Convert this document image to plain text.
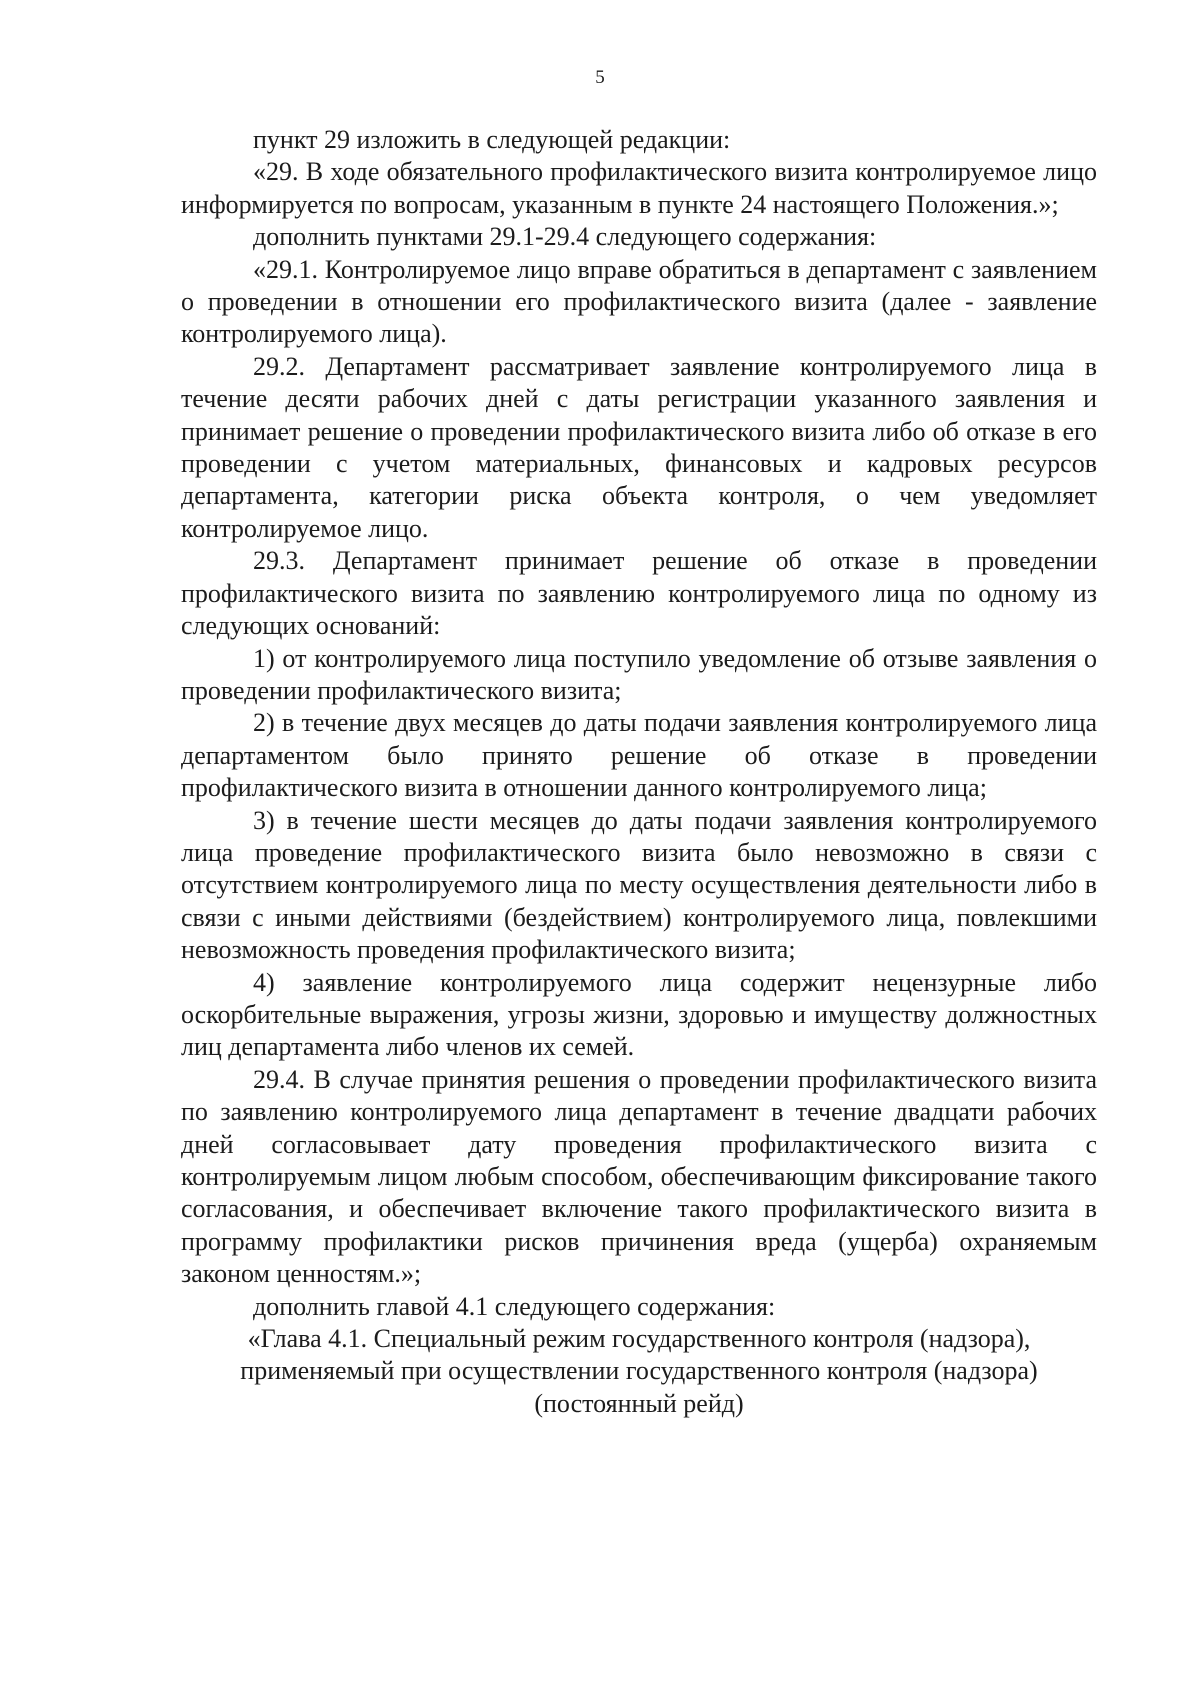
5

пункт 29 изложить в следующей редакции:

«29. В ходе обязательного профилактического визита контролируемое лицо информируется по вопросам, указанным в пункте 24 настоящего Положения.»;

дополнить пунктами 29.1-29.4 следующего содержания:

«29.1. Контролируемое лицо вправе обратиться в департамент с заявлением о проведении в отношении его профилактического визита (далее - заявление контролируемого лица).

29.2. Департамент рассматривает заявление контролируемого лица в течение десяти рабочих дней с даты регистрации указанного заявления и принимает решение о проведении профилактического визита либо об отказе в его проведении с учетом материальных, финансовых и кадровых ресурсов департамента, категории риска объекта контроля, о чем уведомляет контролируемое лицо.

29.3. Департамент принимает решение об отказе в проведении профилактического визита по заявлению контролируемого лица по одному из следующих оснований:

1) от контролируемого лица поступило уведомление об отзыве заявления о проведении профилактического визита;

2) в течение двух месяцев до даты подачи заявления контролируемого лица департаментом было принято решение об отказе в проведении профилактического визита в отношении данного контролируемого лица;

3) в течение шести месяцев до даты подачи заявления контролируемого лица проведение профилактического визита было невозможно в связи с отсутствием контролируемого лица по месту осуществления деятельности либо в связи с иными действиями (бездействием) контролируемого лица, повлекшими невозможность проведения профилактического визита;

4) заявление контролируемого лица содержит нецензурные либо оскорбительные выражения, угрозы жизни, здоровью и имуществу должностных лиц департамента либо членов их семей.

29.4. В случае принятия решения о проведении профилактического визита по заявлению контролируемого лица департамент в течение двадцати рабочих дней согласовывает дату проведения профилактического визита с контролируемым лицом любым способом, обеспечивающим фиксирование такого согласования, и обеспечивает включение такого профилактического визита в программу профилактики рисков причинения вреда (ущерба) охраняемым законом ценностям.»;

дополнить главой 4.1 следующего содержания:

«Глава 4.1. Специальный режим государственного контроля (надзора), применяемый при осуществлении государственного контроля (надзора) (постоянный рейд)
